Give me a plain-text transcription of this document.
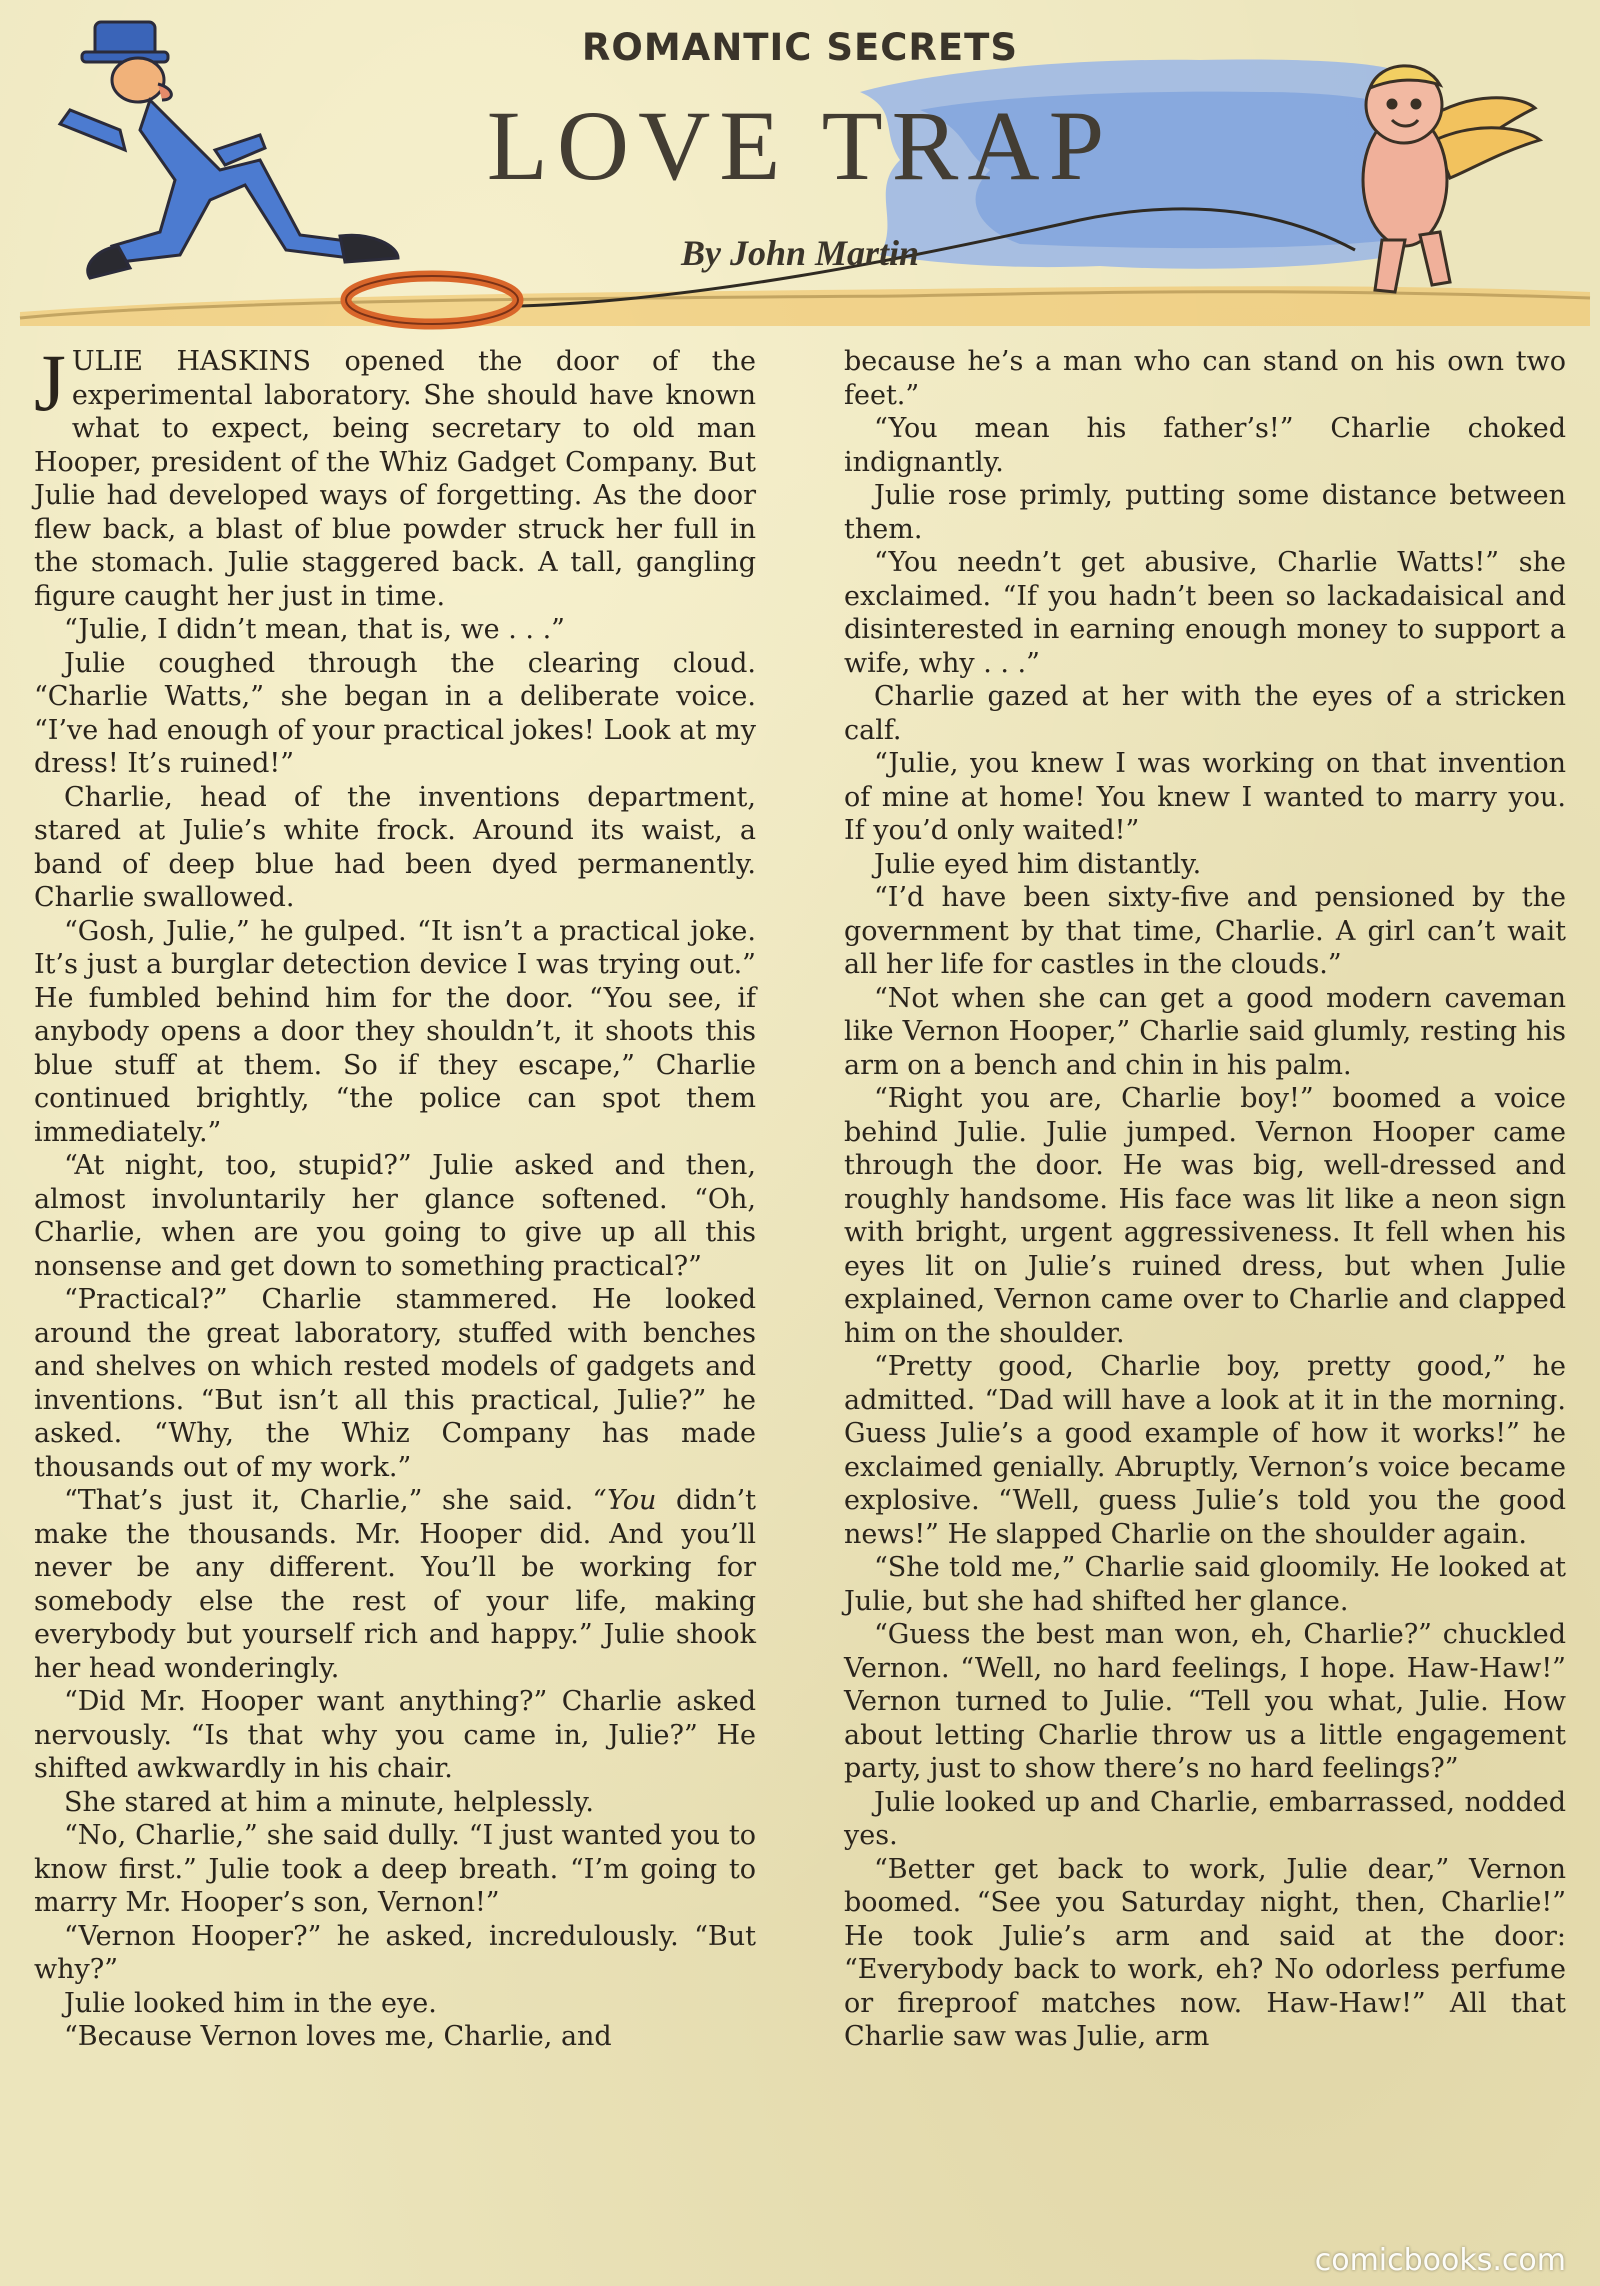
ROMANTIC SECRETS
LOVE TRAP
By John Martin

JULIE HASKINS opened the door of the experimental laboratory. She should have known what to expect, being secretary to old man Hooper, president of the Whiz Gadget Company. But Julie had developed ways of forgetting. As the door flew back, a blast of blue powder struck her full in the stomach. Julie staggered back. A tall, gangling figure caught her just in time.

“Julie, I didn’t mean, that is, we . . .”

Julie coughed through the clearing cloud. “Charlie Watts,” she began in a deliberate voice. “I’ve had enough of your practical jokes! Look at my dress! It’s ruined!”

Charlie, head of the inventions department, stared at Julie’s white frock. Around its waist, a band of deep blue had been dyed permanently. Charlie swallowed.

“Gosh, Julie,” he gulped. “It isn’t a practical joke. It’s just a burglar detection device I was trying out.” He fumbled behind him for the door. “You see, if anybody opens a door they shouldn’t, it shoots this blue stuff at them. So if they escape,” Charlie continued brightly, “the police can spot them immediately.”

“At night, too, stupid?” Julie asked and then, almost involuntarily her glance softened. “Oh, Charlie, when are you going to give up all this nonsense and get down to something practical?”

“Practical?” Charlie stammered. He looked around the great laboratory, stuffed with benches and shelves on which rested models of gadgets and inventions. “But isn’t all this practical, Julie?” he asked. “Why, the Whiz Company has made thousands out of my work.”

“That’s just it, Charlie,” she said. “You didn’t make the thousands. Mr. Hooper did. And you’ll never be any different. You’ll be working for somebody else the rest of your life, making everybody but yourself rich and happy.” Julie shook her head wonderingly.

“Did Mr. Hooper want anything?” Charlie asked nervously. “Is that why you came in, Julie?” He shifted awkwardly in his chair.

She stared at him a minute, helplessly.

“No, Charlie,” she said dully. “I just wanted you to know first.” Julie took a deep breath. “I’m going to marry Mr. Hooper’s son, Vernon!”

“Vernon Hooper?” he asked, incredulously. “But why?”

Julie looked him in the eye.

“Because Vernon loves me, Charlie, and

because he’s a man who can stand on his own two feet.”

“You mean his father’s!” Charlie choked indignantly.

Julie rose primly, putting some distance between them.

“You needn’t get abusive, Charlie Watts!” she exclaimed. “If you hadn’t been so lackadaisical and disinterested in earning enough money to support a wife, why . . .”

Charlie gazed at her with the eyes of a stricken calf.

“Julie, you knew I was working on that invention of mine at home! You knew I wanted to marry you. If you’d only waited!”

Julie eyed him distantly.

“I’d have been sixty-five and pensioned by the government by that time, Charlie. A girl can’t wait all her life for castles in the clouds.”

“Not when she can get a good modern caveman like Vernon Hooper,” Charlie said glumly, resting his arm on a bench and chin in his palm.

“Right you are, Charlie boy!” boomed a voice behind Julie. Julie jumped. Vernon Hooper came through the door. He was big, well-dressed and roughly handsome. His face was lit like a neon sign with bright, urgent aggressiveness. It fell when his eyes lit on Julie’s ruined dress, but when Julie explained, Vernon came over to Charlie and clapped him on the shoulder.

“Pretty good, Charlie boy, pretty good,” he admitted. “Dad will have a look at it in the morning. Guess Julie’s a good example of how it works!” he exclaimed genially. Abruptly, Vernon’s voice became explosive. “Well, guess Julie’s told you the good news!” He slapped Charlie on the shoulder again.

“She told me,” Charlie said gloomily. He looked at Julie, but she had shifted her glance.

“Guess the best man won, eh, Charlie?” chuckled Vernon. “Well, no hard feelings, I hope. Haw-Haw!” Vernon turned to Julie. “Tell you what, Julie. How about letting Charlie throw us a little engagement party, just to show there’s no hard feelings?”

Julie looked up and Charlie, embarrassed, nodded yes.

“Better get back to work, Julie dear,” Vernon boomed. “See you Saturday night, then, Charlie!” He took Julie’s arm and said at the door: “Everybody back to work, eh? No odorless perfume or fireproof matches now. Haw-Haw!” All that Charlie saw was Julie, arm

comicbooks.com
